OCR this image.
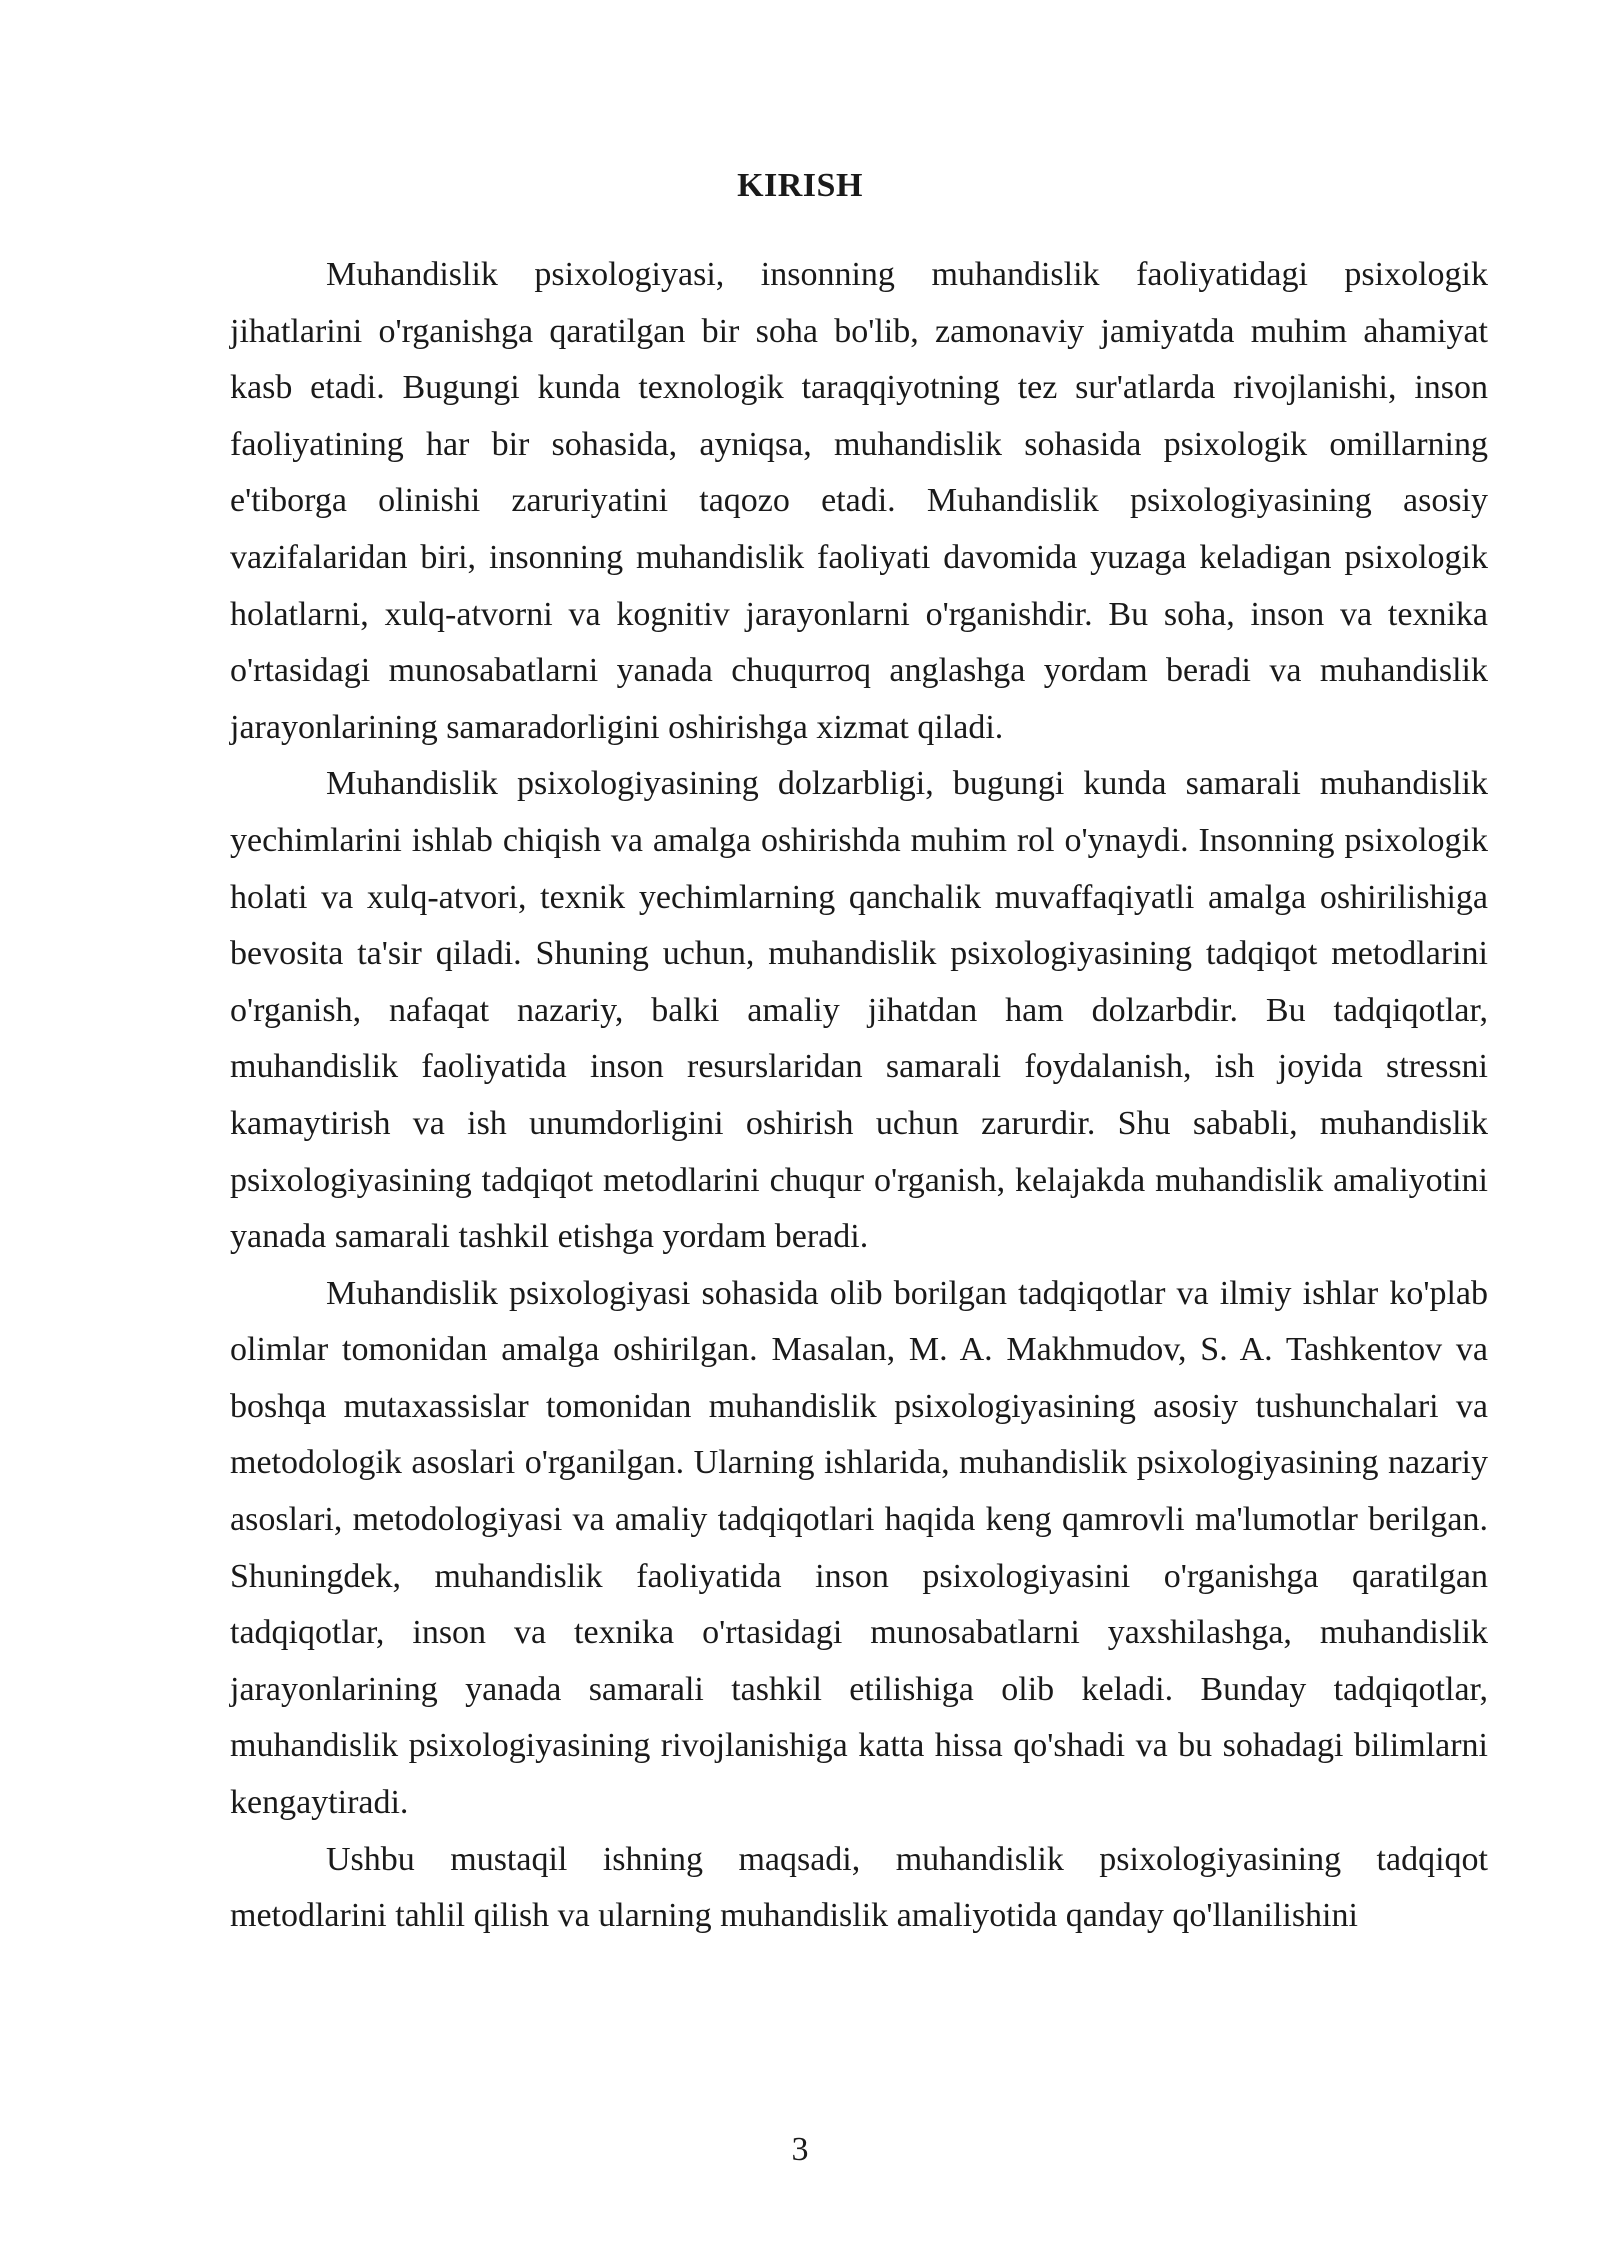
KIRISH

Muhandislik psixologiyasi, insonning muhandislik faoliyatidagi psixologik jihatlarini o'rganishga qaratilgan bir soha bo'lib, zamonaviy jamiyatda muhim ahamiyat kasb etadi. Bugungi kunda texnologik taraqqiyotning tez sur'atlarda rivojlanishi, inson faoliyatining har bir sohasida, ayniqsa, muhandislik sohasida psixologik omillarning e'tiborga olinishi zaruriyatini taqozo etadi. Muhandislik psixologiyasining asosiy vazifalaridan biri, insonning muhandislik faoliyati davomida yuzaga keladigan psixologik holatlarni, xulq-atvorni va kognitiv jarayonlarni o'rganishdir. Bu soha, inson va texnika o'rtasidagi munosabatlarni yanada chuqurroq anglashga yordam beradi va muhandislik jarayonlarining samaradorligini oshirishga xizmat qiladi.

Muhandislik psixologiyasining dolzarbligi, bugungi kunda samarali muhandislik yechimlarini ishlab chiqish va amalga oshirishda muhim rol o'ynaydi. Insonning psixologik holati va xulq-atvori, texnik yechimlarning qanchalik muvaffaqiyatli amalga oshirilishiga bevosita ta'sir qiladi. Shuning uchun, muhandislik psixologiyasining tadqiqot metodlarini o'rganish, nafaqat nazariy, balki amaliy jihatdan ham dolzarbdir. Bu tadqiqotlar, muhandislik faoliyatida inson resurslaridan samarali foydalanish, ish joyida stressni kamaytirish va ish unumdorligini oshirish uchun zarurdir. Shu sababli, muhandislik psixologiyasining tadqiqot metodlarini chuqur o'rganish, kelajakda muhandislik amaliyotini yanada samarali tashkil etishga yordam beradi.

Muhandislik psixologiyasi sohasida olib borilgan tadqiqotlar va ilmiy ishlar ko'plab olimlar tomonidan amalga oshirilgan. Masalan, M. A. Makhmudov, S. A. Tashkentov va boshqa mutaxassislar tomonidan muhandislik psixologiyasining asosiy tushunchalari va metodologik asoslari o'rganilgan. Ularning ishlarida, muhandislik psixologiyasining nazariy asoslari, metodologiyasi va amaliy tadqiqotlari haqida keng qamrovli ma'lumotlar berilgan. Shuningdek, muhandislik faoliyatida inson psixologiyasini o'rganishga qaratilgan tadqiqotlar, inson va texnika o'rtasidagi munosabatlarni yaxshilashga, muhandislik jarayonlarining yanada samarali tashkil etilishiga olib keladi. Bunday tadqiqotlar, muhandislik psixologiyasining rivojlanishiga katta hissa qo'shadi va bu sohadagi bilimlarni kengaytiradi.

Ushbu mustaqil ishning maqsadi, muhandislik psixologiyasining tadqiqot metodlarini tahlil qilish va ularning muhandislik amaliyotida qanday qo'llanilishini

3
